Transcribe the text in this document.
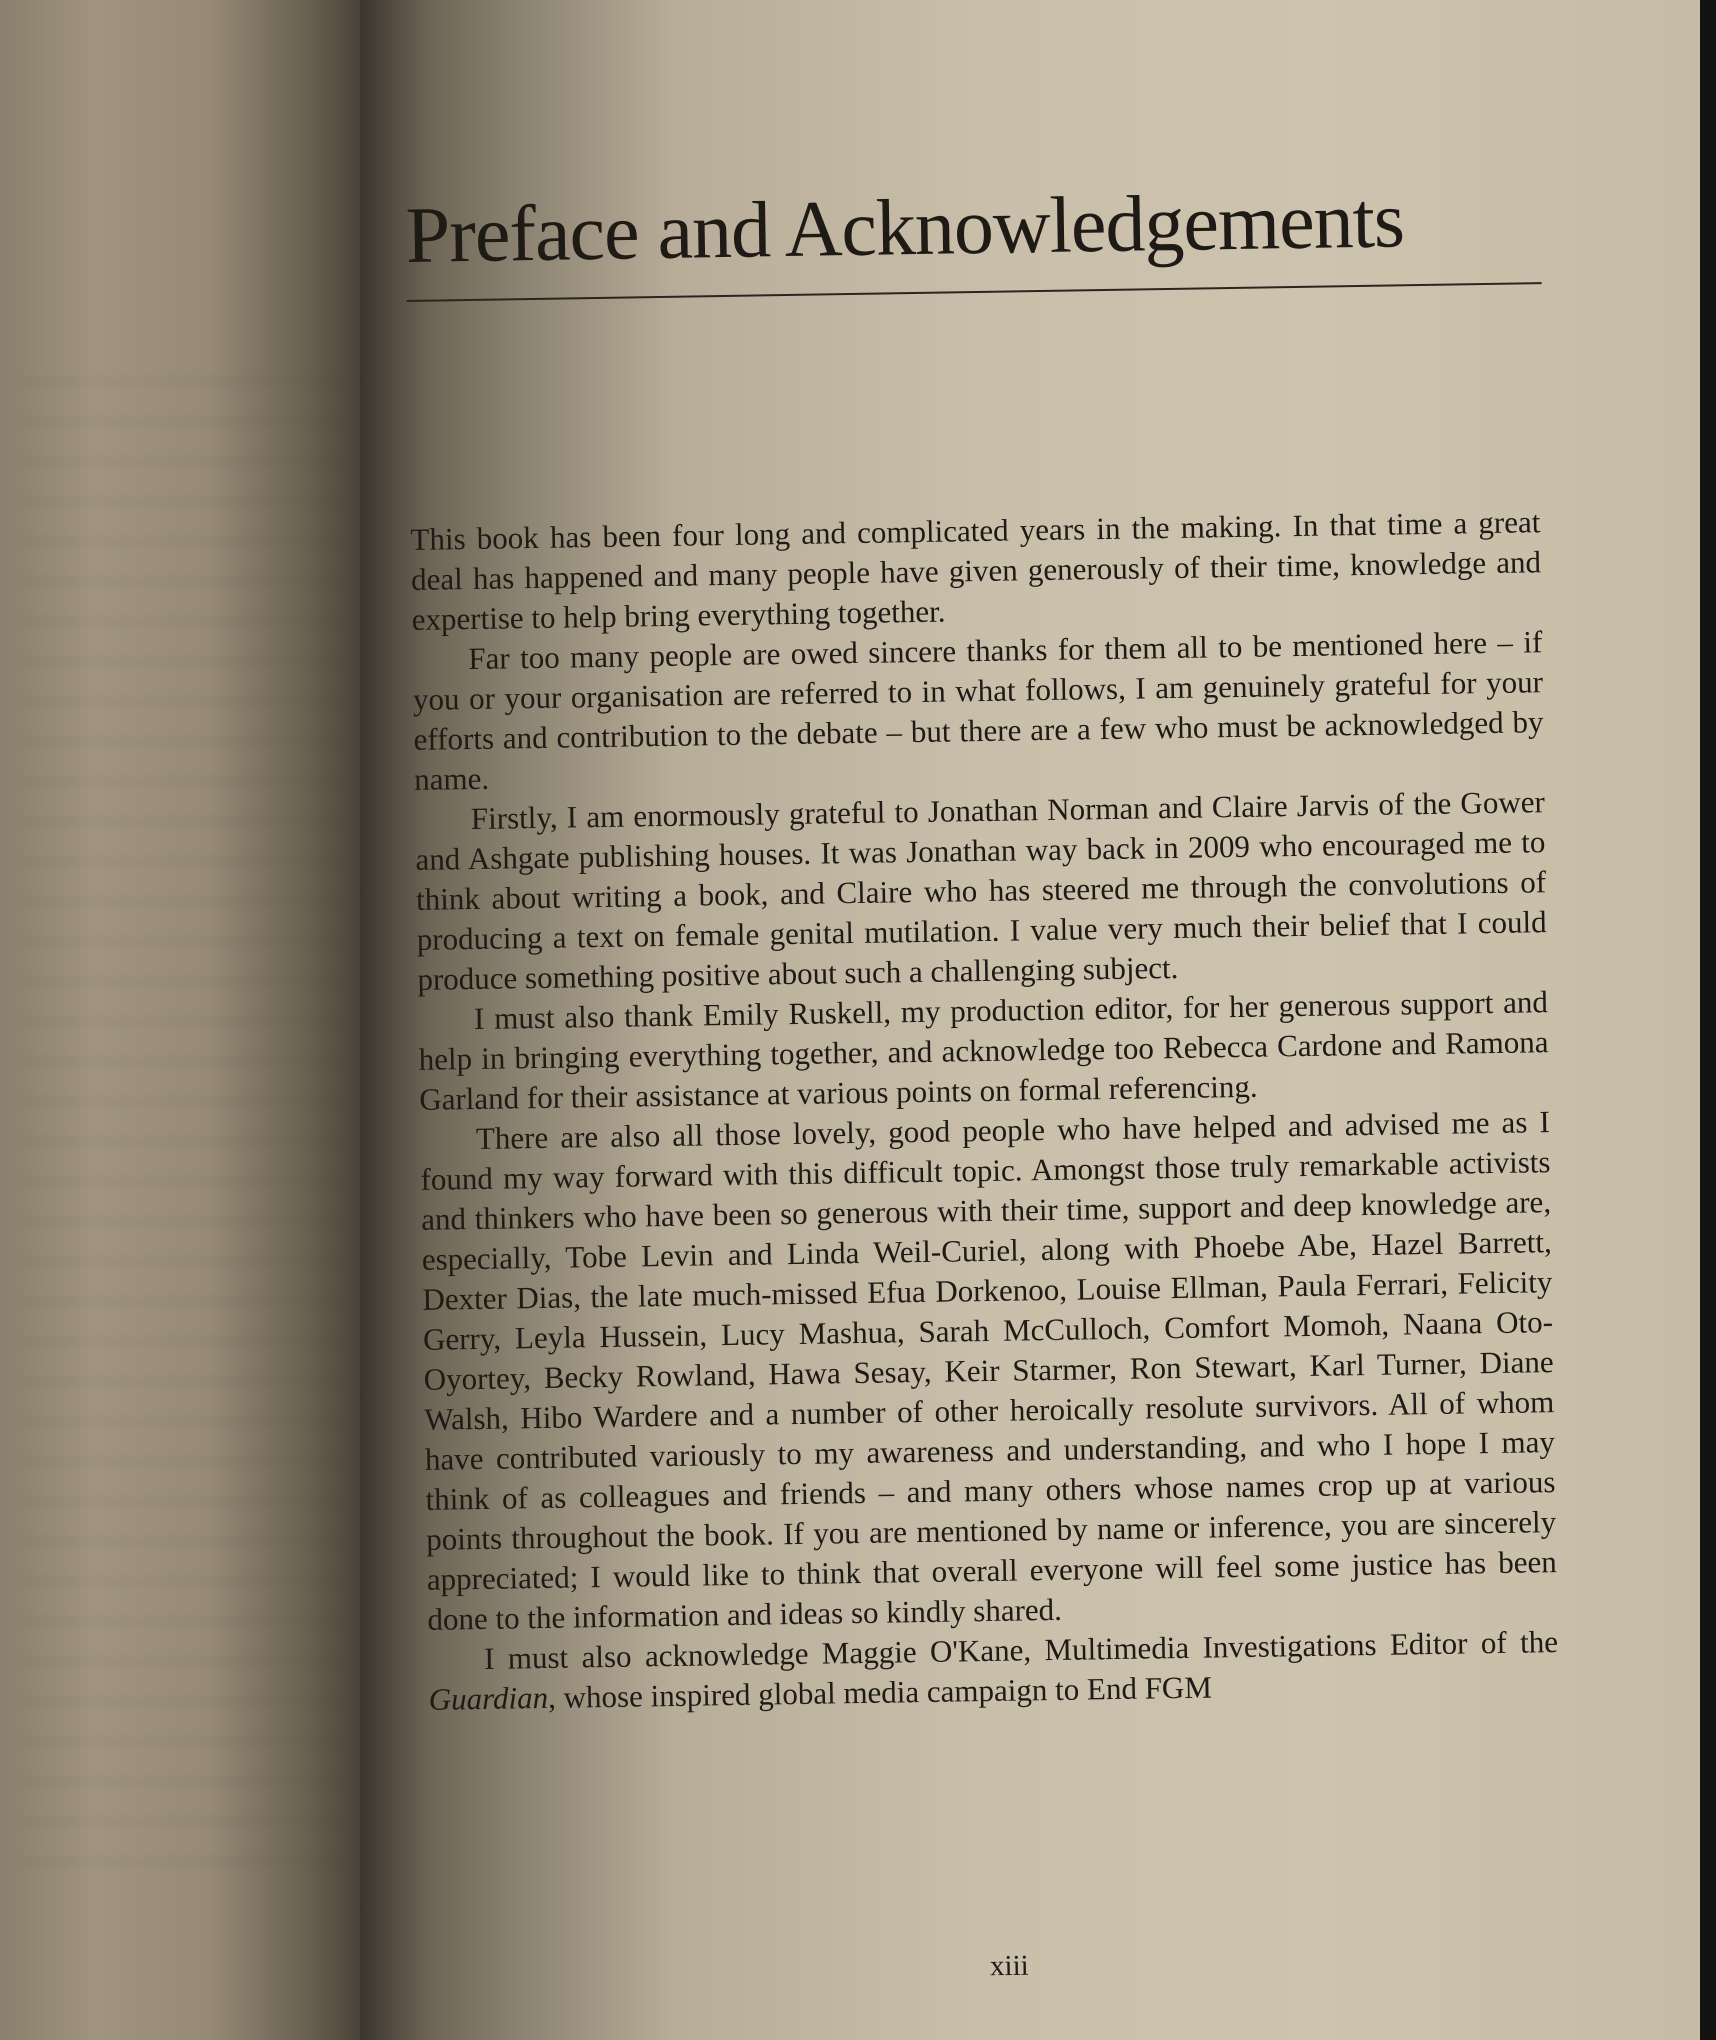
Preface and Acknowledgements

This book has been four long and complicated years in the making. In that time a great deal has happened and many people have given generously of their time, knowledge and expertise to help bring everything together.

Far too many people are owed sincere thanks for them all to be mentioned here – if you or your organisation are referred to in what follows, I am genuinely grateful for your efforts and contribution to the debate – but there are a few who must be acknowledged by name.

Firstly, I am enormously grateful to Jonathan Norman and Claire Jarvis of the Gower and Ashgate publishing houses. It was Jonathan way back in 2009 who encouraged me to think about writing a book, and Claire who has steered me through the convolutions of producing a text on female genital mutilation. I value very much their belief that I could produce something positive about such a challenging subject.

I must also thank Emily Ruskell, my production editor, for her generous support and help in bringing everything together, and acknowledge too Rebecca Cardone and Ramona Garland for their assistance at various points on formal referencing.

There are also all those lovely, good people who have helped and advised me as I found my way forward with this difficult topic. Amongst those truly remarkable activists and thinkers who have been so generous with their time, support and deep knowledge are, especially, Tobe Levin and Linda Weil-Curiel, along with Phoebe Abe, Hazel Barrett, Dexter Dias, the late much-missed Efua Dorkenoo, Louise Ellman, Paula Ferrari, Felicity Gerry, Leyla Hussein, Lucy Mashua, Sarah McCulloch, Comfort Momoh, Naana Oto-Oyortey, Becky Rowland, Hawa Sesay, Keir Starmer, Ron Stewart, Karl Turner, Diane Walsh, Hibo Wardere and a number of other heroically resolute survivors. All of whom have contributed variously to my awareness and understanding, and who I hope I may think of as colleagues and friends – and many others whose names crop up at various points throughout the book. If you are mentioned by name or inference, you are sincerely appreciated; I would like to think that overall everyone will feel some justice has been done to the information and ideas so kindly shared.

I must also acknowledge Maggie O'Kane, Multimedia Investigations Editor of the Guardian, whose inspired global media campaign to End FGM

xiii
